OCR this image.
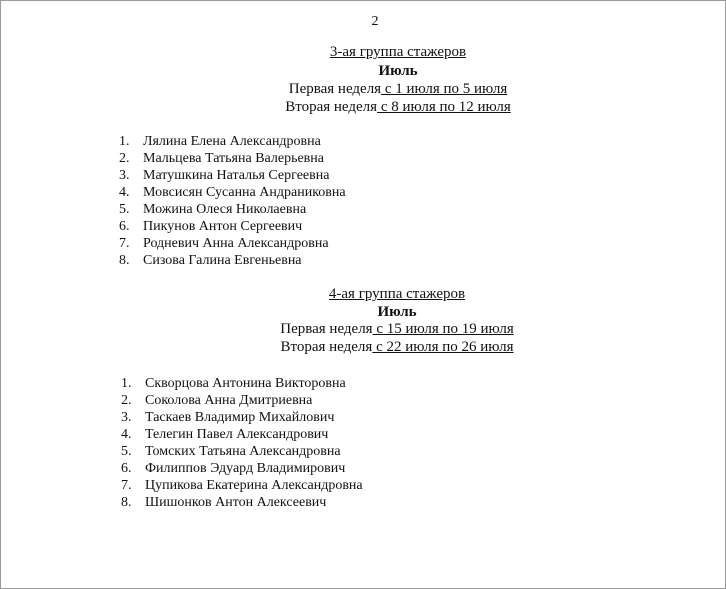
2
3-ая группа стажеров
Июль
Первая неделя с 1 июля по 5 июля
Вторая неделя с 8 июля по 12 июля
1. Лялина Елена Александровна
2. Мальцева Татьяна Валерьевна
3. Матушкина Наталья Сергеевна
4. Мовсисян Сусанна Андраниковна
5. Можина Олеся Николаевна
6. Пикунов Антон Сергеевич
7. Родневич Анна Александровна
8. Сизова Галина Евгеньевна
4-ая группа стажеров
Июль
Первая неделя с 15 июля по 19 июля
Вторая неделя с 22 июля по 26 июля
1. Скворцова Антонина Викторовна
2. Соколова Анна Дмитриевна
3. Таскаев Владимир Михайлович
4. Телегин Павел Александрович
5. Томских Татьяна Александровна
6. Филиппов Эдуард Владимирович
7. Цупикова Екатерина Александровна
8. Шишонков Антон Алексеевич
